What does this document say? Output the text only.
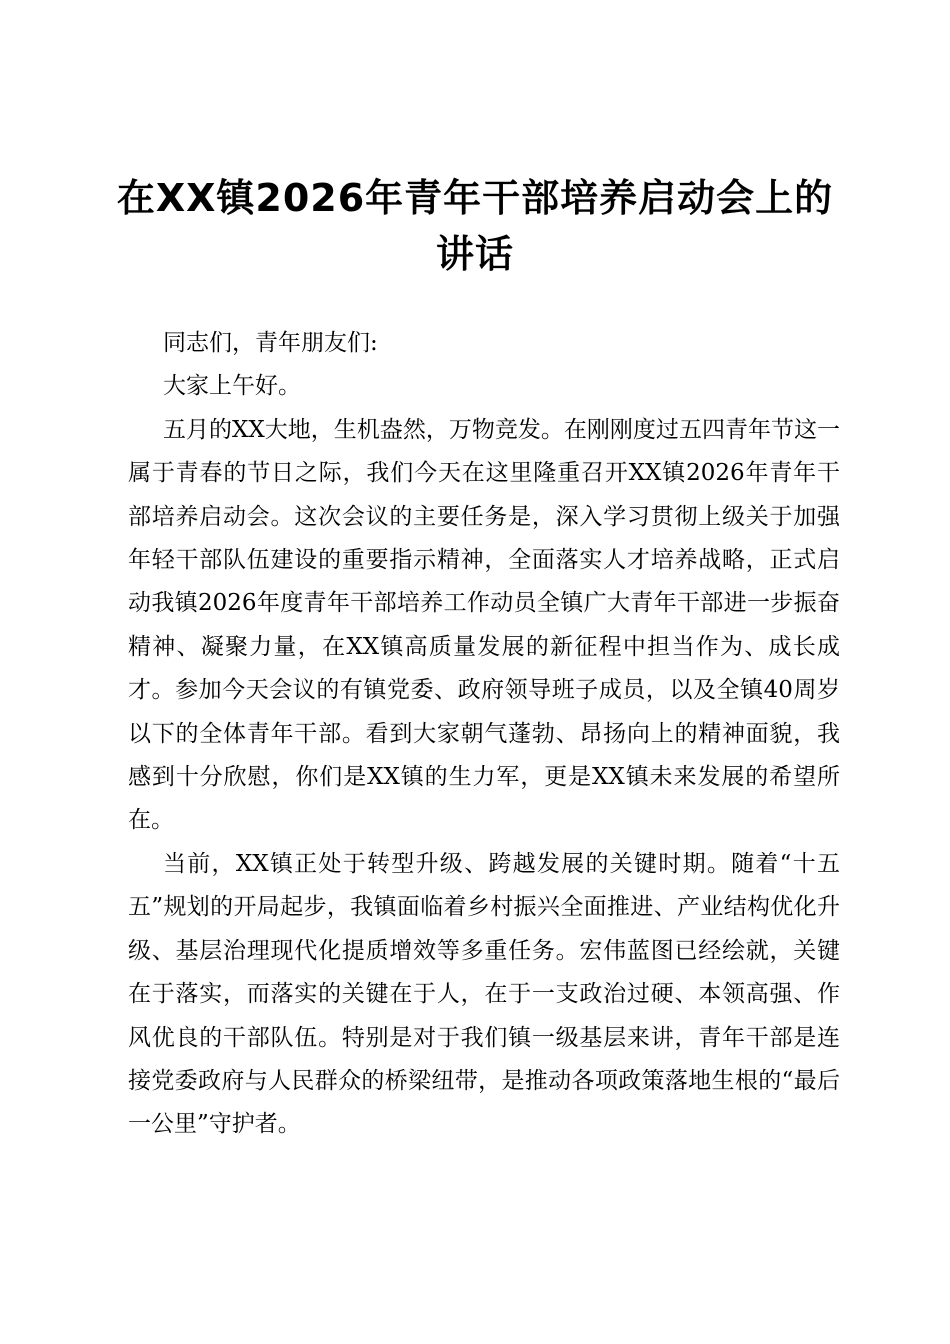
在XX镇2026年青年干部培养启动会上的讲话

同志们，青年朋友们:

大家上午好。

五月的XX大地，生机盎然，万物竞发。在刚刚度过五四青年节这一属于青春的节日之际，我们今天在这里隆重召开XX镇2026年青年干部培养启动会。这次会议的主要任务是，深入学习贯彻上级关于加强年轻干部队伍建设的重要指示精神，全面落实人才培养战略，正式启动我镇2026年度青年干部培养工作动员全镇广大青年干部进一步振奋精神、凝聚力量，在XX镇高质量发展的新征程中担当作为、成长成才。参加今天会议的有镇党委、政府领导班子成员，以及全镇40周岁以下的全体青年干部。看到大家朝气蓬勃、昂扬向上的精神面貌，我感到十分欣慰，你们是XX镇的生力军，更是XX镇未来发展的希望所在。

当前，XX镇正处于转型升级、跨越发展的关键时期。随着“十五五”规划的开局起步，我镇面临着乡村振兴全面推进、产业结构优化升级、基层治理现代化提质增效等多重任务。宏伟蓝图已经绘就，关键在于落实，而落实的关键在于人，在于一支政治过硬、本领高强、作风优良的干部队伍。特别是对于我们镇一级基层来讲，青年干部是连接党委政府与人民群众的桥梁纽带，是推动各项政策落地生根的“最后一公里”守护者。
